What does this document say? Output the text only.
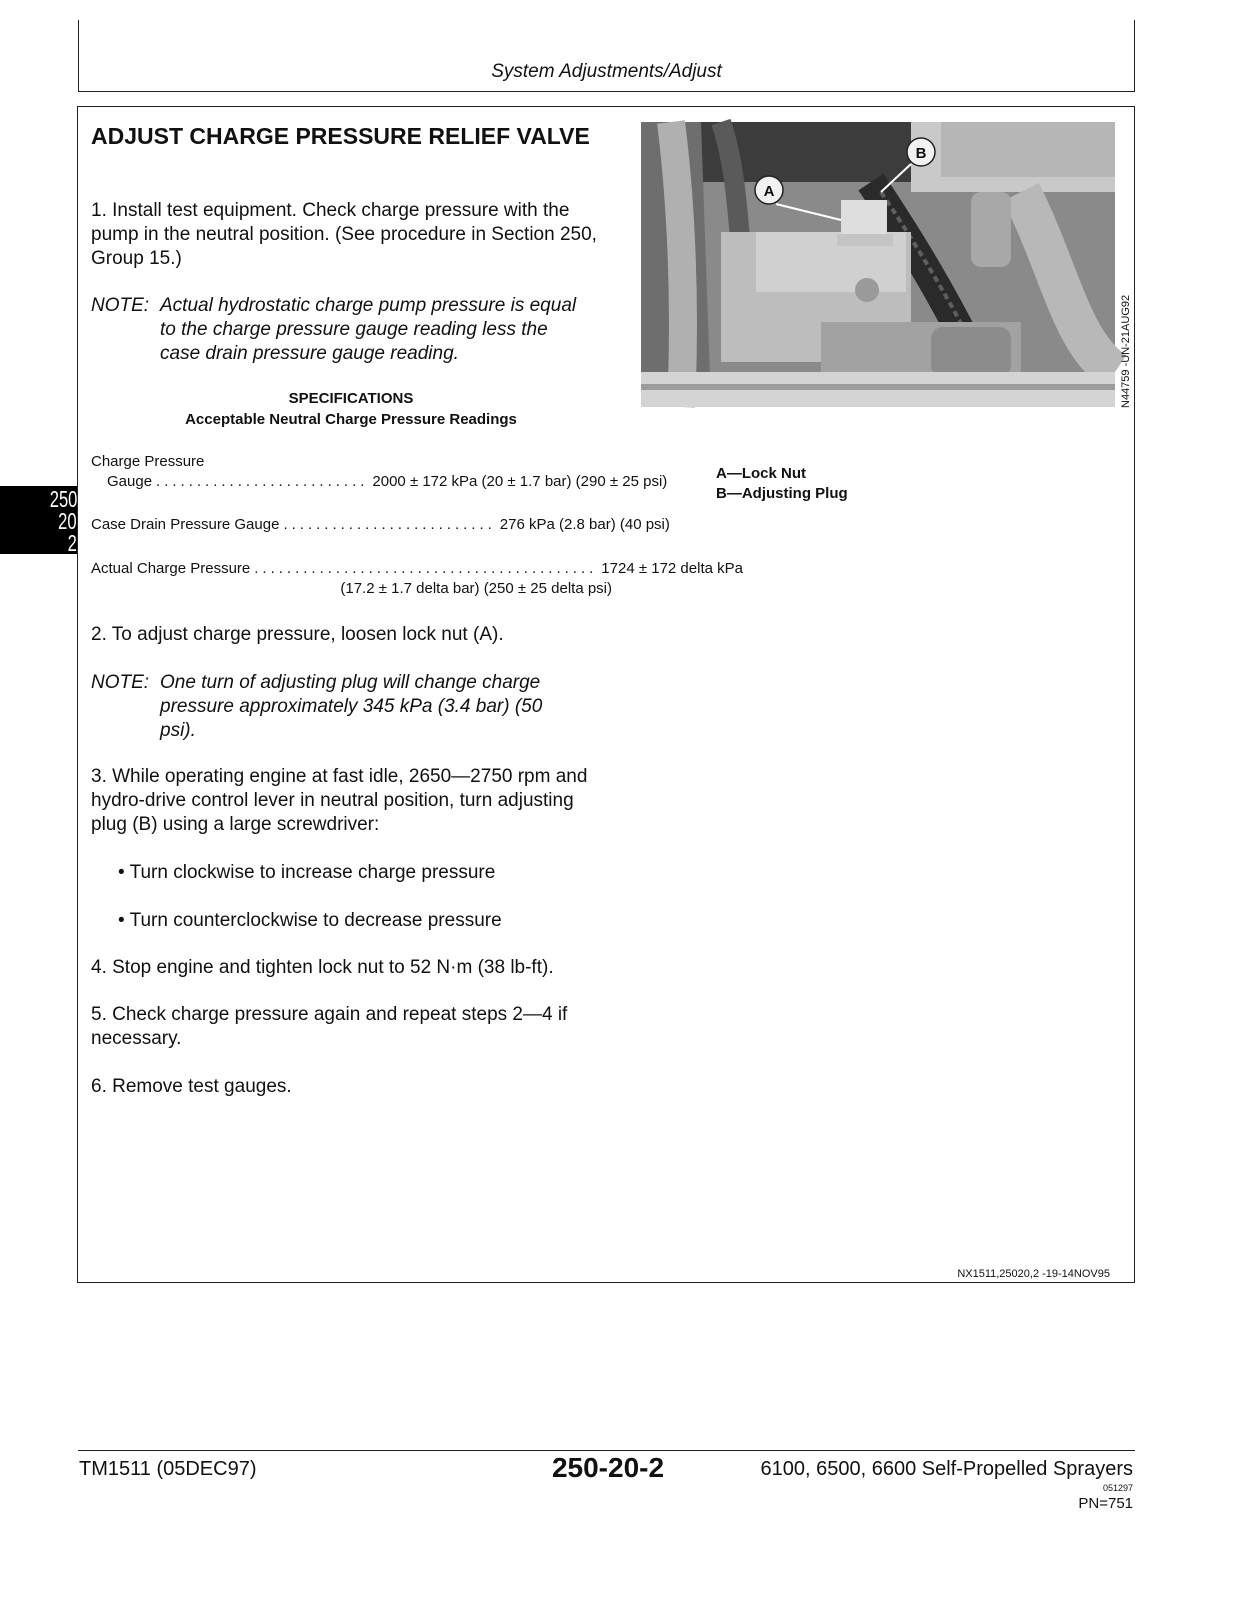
System Adjustments/Adjust
ADJUST CHARGE PRESSURE RELIEF VALVE
1. Install test equipment. Check charge pressure with the pump in the neutral position. (See procedure in Section 250, Group 15.)
NOTE: Actual hydrostatic charge pump pressure is equal
to the charge pressure gauge reading less the
case drain pressure gauge reading.
SPECIFICATIONS
Acceptable Neutral Charge Pressure Readings
Charge Pressure
Gauge .......................... 2000 ± 172 kPa (20 ± 1.7 bar) (290 ± 25 psi)
Case Drain Pressure Gauge .......................... 276 kPa (2.8 bar) (40 psi)
Actual Charge Pressure .......................................... 1724 ± 172 delta kPa
(17.2 ± 1.7 delta bar) (250 ± 25 delta psi)
2. To adjust charge pressure, loosen lock nut (A).
NOTE: One turn of adjusting plug will change charge
pressure approximately 345 kPa (3.4 bar) (50
psi).
3. While operating engine at fast idle, 2650—2750 rpm and hydro-drive control lever in neutral position, turn adjusting plug (B) using a large screwdriver:
• Turn clockwise to increase charge pressure
• Turn counterclockwise to decrease pressure
4. Stop engine and tighten lock nut to 52 N·m (38 lb-ft).
5. Check charge pressure again and repeat steps 2—4 if necessary.
6. Remove test gauges.
A
B
N44759 -UN-21AUG92
A—Lock Nut
B—Adjusting Plug
NX1511,25020,2 -19-14NOV95
250
20
2
TM1511 (05DEC97)	250-20-2	6100, 6500, 6600 Self-Propelled Sprayers
051297
PN=751
